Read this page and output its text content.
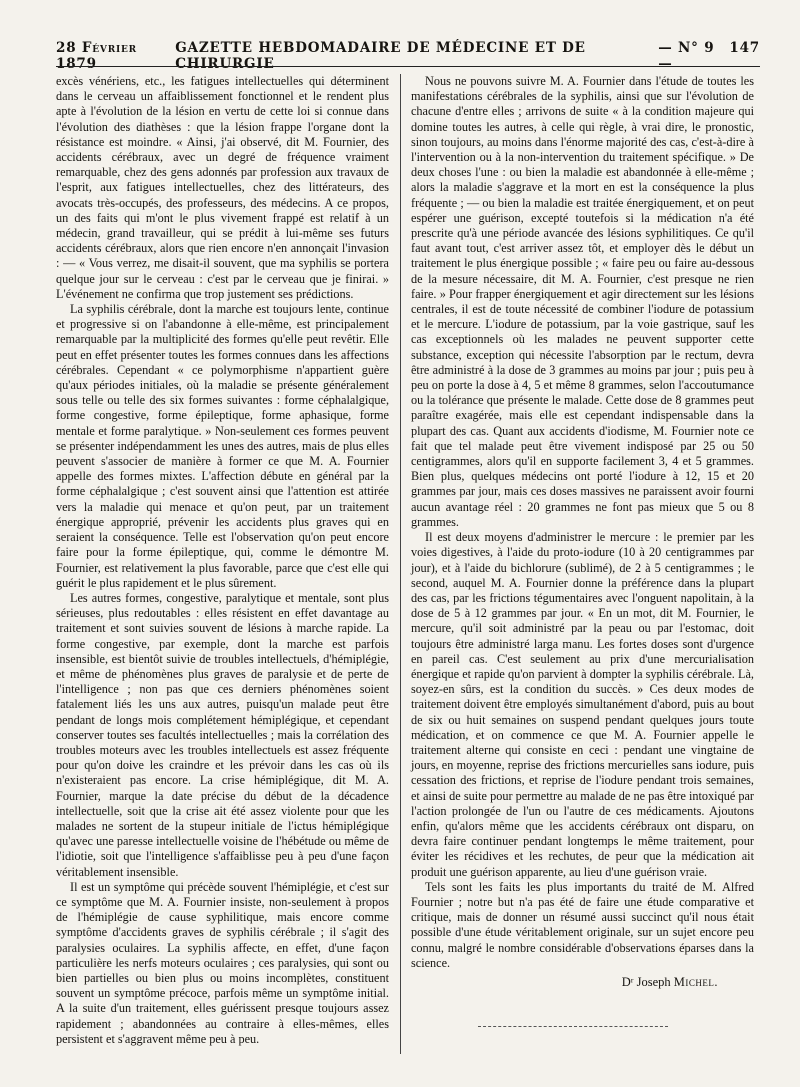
28 Février 1879
GAZETTE HEBDOMADAIRE DE MÉDECINE ET DE CHIRURGIE
— N° 9 —
147

excès vénériens, etc., les fatigues intellectuelles qui déterminent dans le cerveau un affaiblissement fonctionnel et le rendent plus apte à l'évolution de la lésion en vertu de cette loi si connue dans l'évolution des diathèses : que la lésion frappe l'organe dont la résistance est moindre. « Ainsi, j'ai observé, dit M. Fournier, des accidents cérébraux, avec un degré de fréquence vraiment remarquable, chez des gens adonnés par profession aux travaux de l'esprit, aux fatigues intellectuelles, chez des littérateurs, des avocats très-occupés, des professeurs, des médecins. A ce propos, un des faits qui m'ont le plus vivement frappé est relatif à un médecin, grand travailleur, qui se prédit à lui-même ses futurs accidents cérébraux, alors que rien encore n'en annonçait l'invasion : — « Vous verrez, me disait-il souvent, que ma syphilis se portera quelque jour sur le cerveau : c'est par le cerveau que je finirai. » L'événement ne confirma que trop justement ses prédictions.

La syphilis cérébrale, dont la marche est toujours lente, continue et progressive si on l'abandonne à elle-même, est principalement remarquable par la multiplicité des formes qu'elle peut revêtir. Elle peut en effet présenter toutes les formes connues dans les affections cérébrales. Cependant « ce polymorphisme n'appartient guère qu'aux périodes initiales, où la maladie se présente généralement sous telle ou telle des six formes suivantes : forme céphalalgique, forme congestive, forme épileptique, forme aphasique, forme mentale et forme paralytique. » Non-seulement ces formes peuvent se présenter indépendamment les unes des autres, mais de plus elles peuvent s'associer de manière à former ce que M. A. Fournier appelle des formes mixtes. L'affection débute en général par la forme céphalalgique ; c'est souvent ainsi que l'attention est attirée vers la maladie qui menace et qu'on peut, par un traitement énergique approprié, prévenir les accidents plus graves qui en seraient la conséquence. Telle est l'observation qu'on peut encore faire pour la forme épileptique, qui, comme le démontre M. Fournier, est relativement la plus favorable, parce que c'est elle qui guérit le plus rapidement et le plus sûrement.

Les autres formes, congestive, paralytique et mentale, sont plus sérieuses, plus redoutables : elles résistent en effet davantage au traitement et sont suivies souvent de lésions à marche rapide. La forme congestive, par exemple, dont la marche est parfois insensible, est bientôt suivie de troubles intellectuels, d'hémiplégie, et même de phénomènes plus graves de paralysie et de perte de l'intelligence ; non pas que ces derniers phénomènes soient fatalement liés les uns aux autres, puisqu'un malade peut être pendant de longs mois complétement hémiplégique, et cependant conserver toutes ses facultés intellectuelles ; mais la corrélation des troubles moteurs avec les troubles intellectuels est assez fréquente pour qu'on doive les craindre et les prévoir dans les cas où ils n'existeraient pas encore. La crise hémiplégique, dit M. A. Fournier, marque la date précise du début de la décadence intellectuelle, soit que la crise ait été assez violente pour que les malades ne sortent de la stupeur initiale de l'ictus hémiplégique qu'avec une paresse intellectuelle voisine de l'hébétude ou même de l'idiotie, soit que l'intelligence s'affaiblisse peu à peu d'une façon véritablement insensible.

Il est un symptôme qui précède souvent l'hémiplégie, et c'est sur ce symptôme que M. A. Fournier insiste, non-seulement à propos de l'hémiplégie de cause syphilitique, mais encore comme symptôme d'accidents graves de syphilis cérébrale ; il s'agit des paralysies oculaires. La syphilis affecte, en effet, d'une façon particulière les nerfs moteurs oculaires ; ces paralysies, qui sont ou bien partielles ou bien plus ou moins incomplètes, constituent souvent un symptôme précoce, parfois même un symptôme initial. A la suite d'un traitement, elles guérissent presque toujours assez rapidement ; abandonnées au contraire à elles-mêmes, elles persistent et s'aggravent même peu à peu.

Nous ne pouvons suivre M. A. Fournier dans l'étude de toutes les manifestations cérébrales de la syphilis, ainsi que sur l'évolution de chacune d'entre elles ; arrivons de suite « à la condition majeure qui domine toutes les autres, à celle qui règle, à vrai dire, le pronostic, sinon toujours, au moins dans l'énorme majorité des cas, c'est-à-dire à l'intervention ou à la non-intervention du traitement spécifique. » De deux choses l'une : ou bien la maladie est abandonnée à elle-même ; alors la maladie s'aggrave et la mort en est la conséquence la plus fréquente ; — ou bien la maladie est traitée énergiquement, et on peut espérer une guérison, excepté toutefois si la médication n'a été prescrite qu'à une période avancée des lésions syphilitiques. Ce qu'il faut avant tout, c'est arriver assez tôt, et employer dès le début un traitement le plus énergique possible ; « faire peu ou faire au-dessous de la mesure nécessaire, dit M. A. Fournier, c'est presque ne rien faire. » Pour frapper énergiquement et agir directement sur les lésions centrales, il est de toute nécessité de combiner l'iodure de potassium et le mercure. L'iodure de potassium, par la voie gastrique, sauf les cas exceptionnels où les malades ne peuvent supporter cette substance, exception qui nécessite l'absorption par le rectum, devra être administré à la dose de 3 grammes au moins par jour ; puis peu à peu on porte la dose à 4, 5 et même 8 grammes, selon l'accoutumance ou la tolérance que présente le malade. Cette dose de 8 grammes peut paraître exagérée, mais elle est cependant indispensable dans la plupart des cas. Quant aux accidents d'iodisme, M. Fournier note ce fait que tel malade peut être vivement indisposé par 25 ou 50 centigrammes, alors qu'il en supporte facilement 3, 4 et 5 grammes. Bien plus, quelques médecins ont porté l'iodure à 12, 15 et 20 grammes par jour, mais ces doses massives ne paraissent avoir fourni aucun avantage réel : 20 grammes ne font pas mieux que 5 ou 8 grammes.

Il est deux moyens d'administrer le mercure : le premier par les voies digestives, à l'aide du proto-iodure (10 à 20 centigrammes par jour), et à l'aide du bichlorure (sublimé), de 2 à 5 centigrammes ; le second, auquel M. A. Fournier donne la préférence dans la plupart des cas, par les frictions tégumentaires avec l'onguent napolitain, à la dose de 5 à 12 grammes par jour. « En un mot, dit M. Fournier, le mercure, qu'il soit administré par la peau ou par l'estomac, doit toujours être administré larga manu. Les fortes doses sont d'urgence en pareil cas. C'est seulement au prix d'une mercurialisation énergique et rapide qu'on parvient à dompter la syphilis cérébrale. Là, soyez-en sûrs, est la condition du succès. » Ces deux modes de traitement doivent être employés simultanément d'abord, puis au bout de six ou huit semaines on suspend pendant quelques jours toute médication, et on commence ce que M. A. Fournier appelle le traitement alterne qui consiste en ceci : pendant une vingtaine de jours, en moyenne, reprise des frictions mercurielles sans iodure, puis cessation des frictions, et reprise de l'iodure pendant trois semaines, et ainsi de suite pour permettre au malade de ne pas être intoxiqué par l'action prolongée de l'un ou l'autre de ces médicaments. Ajoutons enfin, qu'alors même que les accidents cérébraux ont disparu, on devra faire continuer pendant longtemps le même traitement, pour éviter les récidives et les rechutes, de peur que la médication ait produit une guérison apparente, au lieu d'une guérison vraie.

Tels sont les faits les plus importants du traité de M. Alfred Fournier ; notre but n'a pas été de faire une étude comparative et critique, mais de donner un résumé aussi succinct qu'il nous était possible d'une étude véritablement originale, sur un sujet encore peu connu, malgré le nombre considérable d'observations éparses dans la science.

Dʳ Joseph Michel.
